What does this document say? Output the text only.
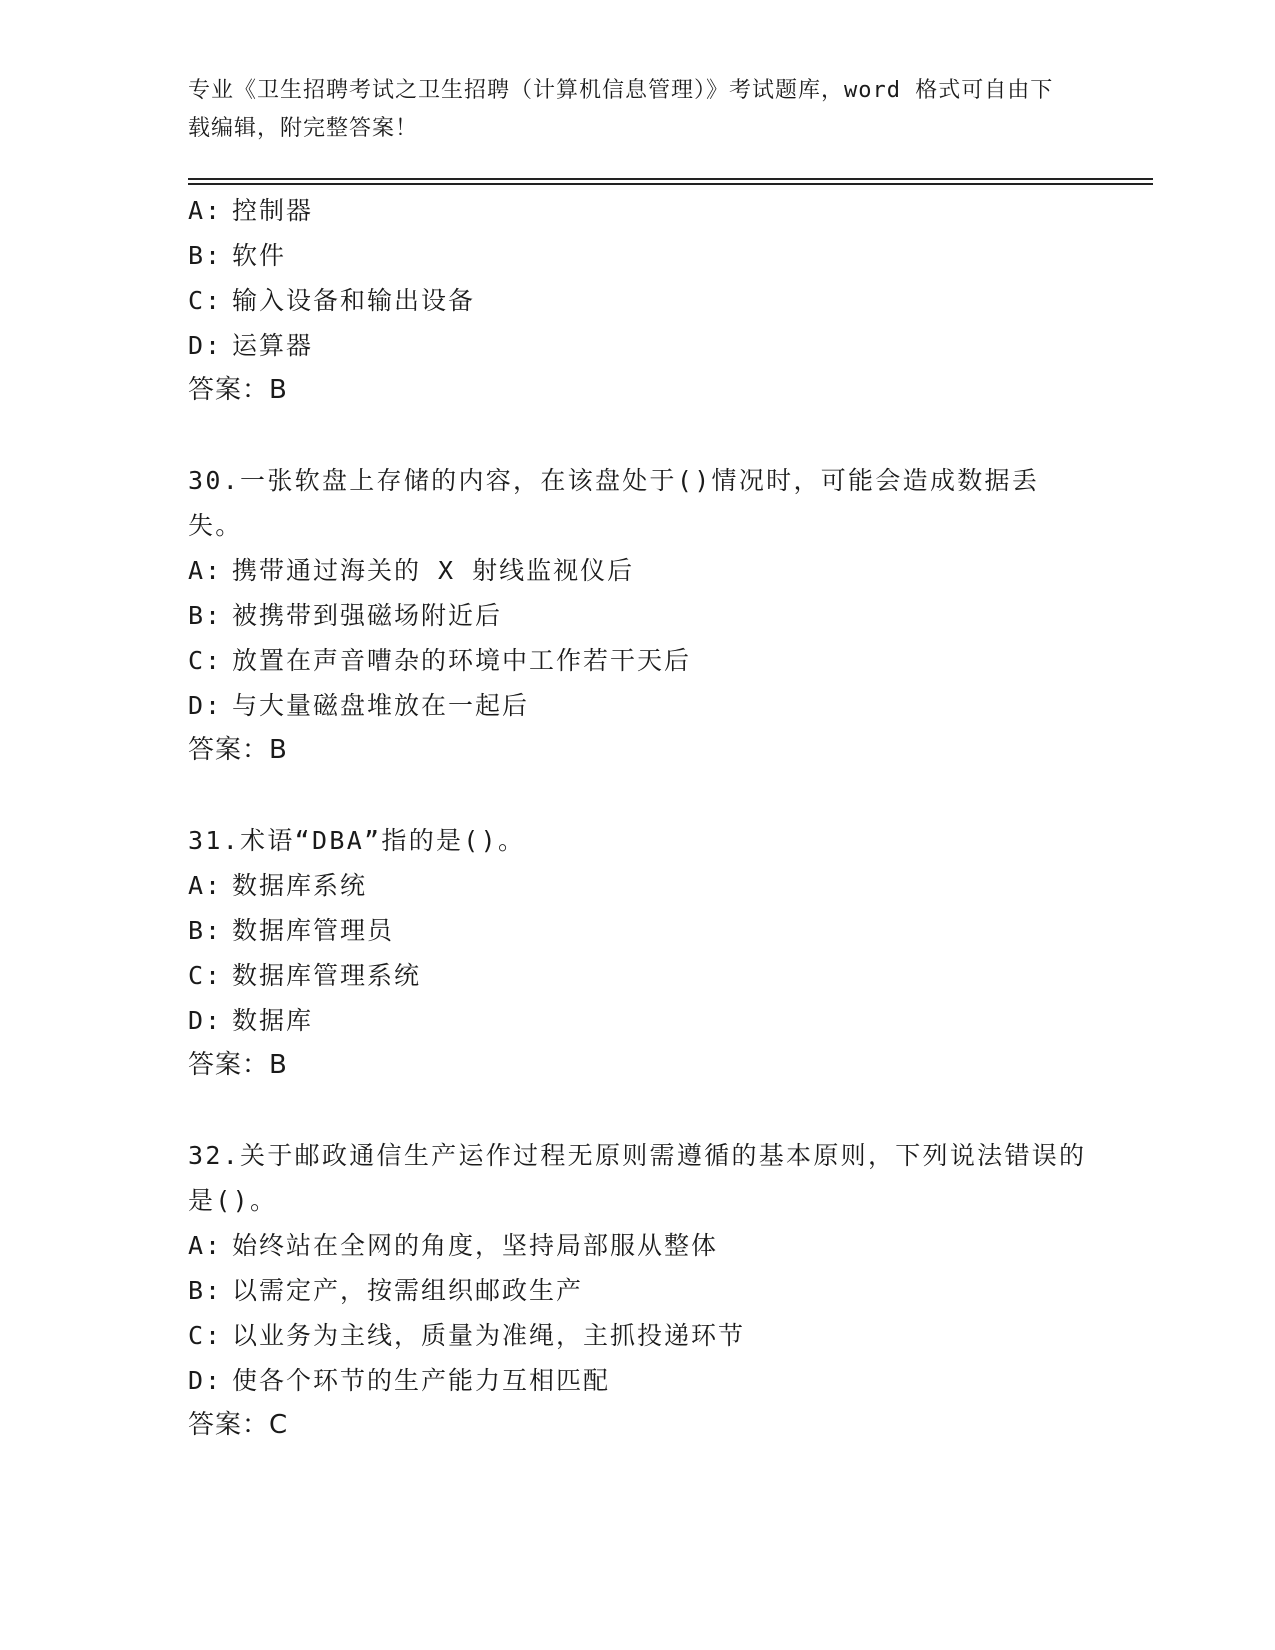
专业《卫生招聘考试之卫生招聘（计算机信息管理）》考试题库，word 格式可自由下载编辑，附完整答案！

A: 控制器

B: 软件

C: 输入设备和输出设备

D: 运算器

答案：B

30.一张软盘上存储的内容，在该盘处于()情况时，可能会造成数据丢失。

A: 携带通过海关的 X 射线监视仪后

B: 被携带到强磁场附近后

C: 放置在声音嘈杂的环境中工作若干天后

D: 与大量磁盘堆放在一起后

答案：B

31.术语“DBA”指的是()。

A: 数据库系统

B: 数据库管理员

C: 数据库管理系统

D: 数据库

答案：B

32.关于邮政通信生产运作过程无原则需遵循的基本原则，下列说法错误的是()。

A: 始终站在全网的角度，坚持局部服从整体

B: 以需定产，按需组织邮政生产

C: 以业务为主线，质量为准绳，主抓投递环节

D: 使各个环节的生产能力互相匹配

答案：C
